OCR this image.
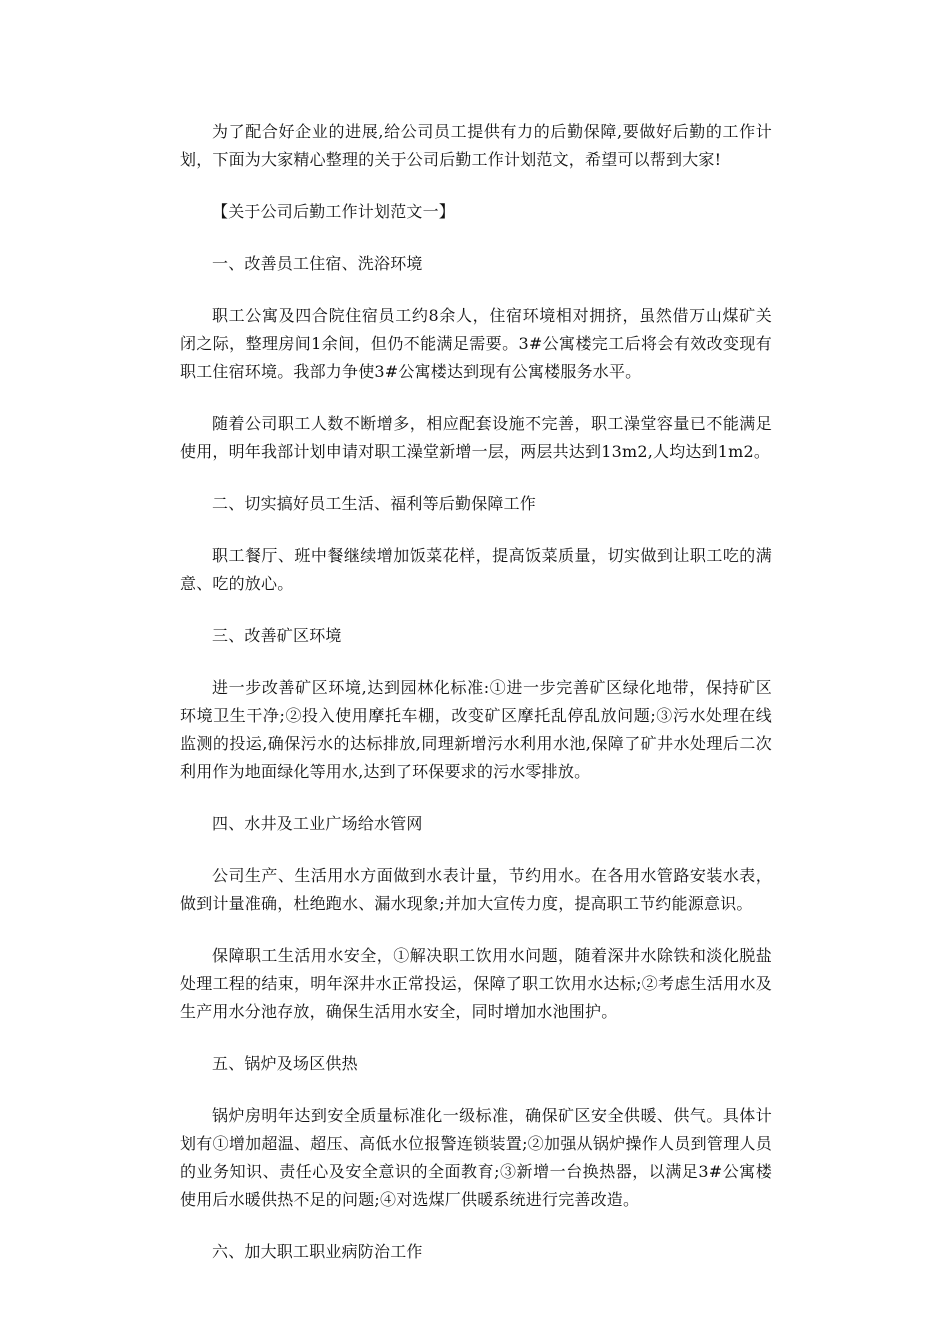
为了配合好企业的进展,给公司员工提供有力的后勤保障,要做好后勤的工作计划，下面为大家精心整理的关于公司后勤工作计划范文，希望可以帮到大家!

【关于公司后勤工作计划范文一】

一、改善员工住宿、洗浴环境

职工公寓及四合院住宿员工约8余人，住宿环境相对拥挤，虽然借万山煤矿关闭之际，整理房间1余间，但仍不能满足需要。3#公寓楼完工后将会有效改变现有职工住宿环境。我部力争使3#公寓楼达到现有公寓楼服务水平。

随着公司职工人数不断增多，相应配套设施不完善，职工澡堂容量已不能满足使用，明年我部计划申请对职工澡堂新增一层，两层共达到13m2,人均达到1m2。

二、切实搞好员工生活、福利等后勤保障工作

职工餐厅、班中餐继续增加饭菜花样，提高饭菜质量，切实做到让职工吃的满意、吃的放心。

三、改善矿区环境

进一步改善矿区环境,达到园林化标准:①进一步完善矿区绿化地带，保持矿区环境卫生干净;②投入使用摩托车棚，改变矿区摩托乱停乱放问题;③污水处理在线监测的投运,确保污水的达标排放,同理新增污水利用水池,保障了矿井水处理后二次利用作为地面绿化等用水,达到了环保要求的污水零排放。

四、水井及工业广场给水管网

公司生产、生活用水方面做到水表计量，节约用水。在各用水管路安装水表，做到计量准确，杜绝跑水、漏水现象;并加大宣传力度，提高职工节约能源意识。

保障职工生活用水安全，①解决职工饮用水问题，随着深井水除铁和淡化脱盐处理工程的结束，明年深井水正常投运，保障了职工饮用水达标;②考虑生活用水及生产用水分池存放，确保生活用水安全，同时增加水池围护。

五、锅炉及场区供热

锅炉房明年达到安全质量标准化一级标准，确保矿区安全供暖、供气。具体计划有①增加超温、超压、高低水位报警连锁装置;②加强从锅炉操作人员到管理人员的业务知识、责任心及安全意识的全面教育;③新增一台换热器，以满足3#公寓楼使用后水暖供热不足的问题;④对选煤厂供暖系统进行完善改造。

六、加大职工职业病防治工作
